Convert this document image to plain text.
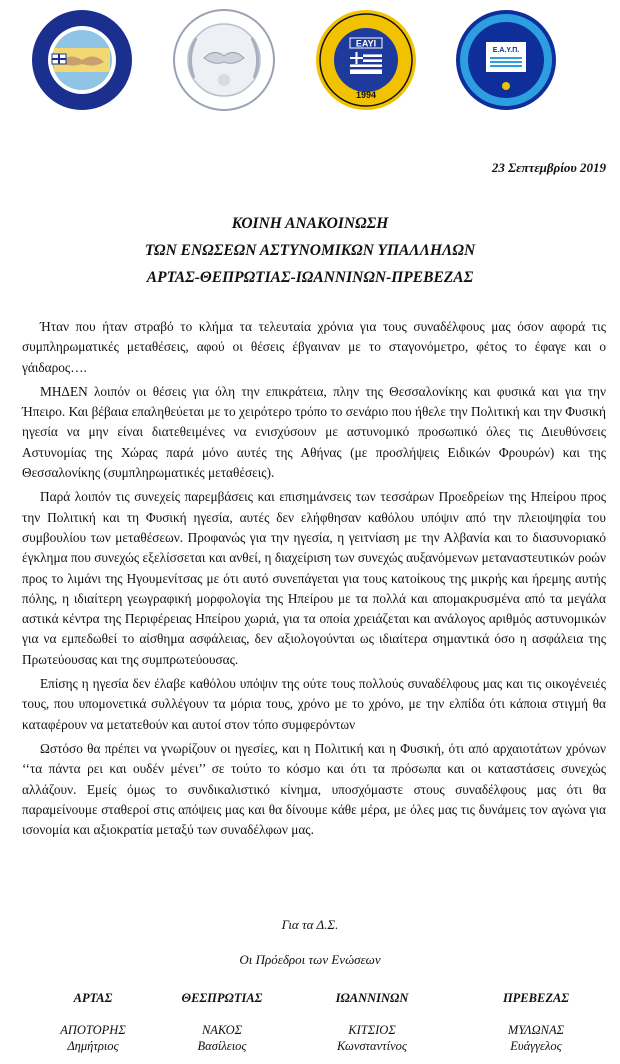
ΕΑΥΙ
1994
Ε.Α.Υ.Π.
23 Σεπτεμβρίου 2019
ΚΟΙΝΗ ΑΝΑΚΟΙΝΩΣΗ
ΤΩΝ ΕΝΩΣΕΩΝ ΑΣΤΥΝΟΜΙΚΩΝ ΥΠΑΛΛΗΛΩΝ
ΑΡΤΑΣ-ΘΕΠΡΩΤΙΑΣ-ΙΩΑΝΝΙΝΩΝ-ΠΡΕΒΕΖΑΣ

Ήταν που ήταν στραβό το κλήμα τα τελευταία χρόνια για τους συναδέλφους μας όσον αφορά τις συμπληρωματικές μεταθέσεις, αφού οι θέσεις έβγαιναν με το σταγονόμετρο, φέτος το έφαγε και ο γάιδαρος….

ΜΗΔΕΝ λοιπόν οι θέσεις για όλη την επικράτεια, πλην της Θεσσαλονίκης και φυσικά και για την Ήπειρο. Και βέβαια επαληθεύεται με το χειρότερο τρόπο το σενάριο που ήθελε την Πολιτική και την Φυσική ηγεσία να μην είναι διατεθειμένες να ενισχύσουν με αστυνομικό προσωπικό όλες τις Διευθύνσεις Αστυνομίας της Χώρας παρά μόνο αυτές της Αθήνας (με προσλήψεις Ειδικών Φρουρών) και της Θεσσαλονίκης (συμπληρωματικές μεταθέσεις).

Παρά λοιπόν τις συνεχείς παρεμβάσεις και επισημάνσεις των τεσσάρων Προεδρείων της Ηπείρου προς την Πολιτική και τη Φυσική ηγεσία, αυτές δεν ελήφθησαν καθόλου υπόψιν από την πλειοψηφία του συμβουλίου των μεταθέσεων. Προφανώς για την ηγεσία, η γειτνίαση με την Αλβανία και το διασυνοριακό έγκλημα που συνεχώς εξελίσσεται και ανθεί, η διαχείριση των συνεχώς αυξανόμενων μεταναστευτικών ροών προς το λιμάνι της Ηγουμενίτσας με ότι αυτό συνεπάγεται για τους κατοίκους της μικρής και ήρεμης αυτής πόλης, η ιδιαίτερη γεωγραφική μορφολογία της Ηπείρου με τα πολλά και απομακρυσμένα από τα μεγάλα αστικά κέντρα της Περιφέρειας Ηπείρου χωριά, για τα οποία χρειάζεται και ανάλογος αριθμός αστυνομικών για να εμπεδωθεί το αίσθημα ασφάλειας, δεν αξιολογούνται ως ιδιαίτερα σημαντικά όσο η ασφάλεια της Πρωτεύουσας και της συμπρωτεύουσας.

Επίσης η ηγεσία δεν έλαβε καθόλου υπόψιν της ούτε τους πολλούς συναδέλφους μας και τις οικογένειές τους, που υπομονετικά συλλέγουν τα μόρια τους, χρόνο με το χρόνο, με την ελπίδα ότι κάποια στιγμή θα καταφέρουν να μετατεθούν και αυτοί στον τόπο συμφερόντων

Ωστόσο θα πρέπει να γνωρίζουν οι ηγεσίες, και η Πολιτική και η Φυσική, ότι από αρχαιοτάτων χρόνων ‘‘τα πάντα ρει και ουδέν μένει’’ σε τούτο το κόσμο και ότι τα πρόσωπα και οι καταστάσεις συνεχώς αλλάζουν. Εμείς όμως το συνδικαλιστικό κίνημα, υποσχόμαστε στους συναδέλφους μας ότι θα παραμείνουμε σταθεροί στις απόψεις μας και θα δίνουμε κάθε μέρα, με όλες μας τις δυνάμεις τον αγώνα για ισονομία και αξιοκρατία μεταξύ των συναδέλφων μας.

Για τα Δ.Σ.
Οι Πρόεδροι των Ενώσεων
ΑΡΤΑΣ
ΑΠΟΤΟΡΗΣ
Δημήτριος
ΘΕΣΠΡΩΤΙΑΣ
ΝΑΚΟΣ
Βασίλειος
ΙΩΑΝΝΙΝΩΝ
ΚΙΤΣΙΟΣ
Κωνσταντίνος
ΠΡΕΒΕΖΑΣ
ΜΥΛΩΝΑΣ
Ευάγγελος
